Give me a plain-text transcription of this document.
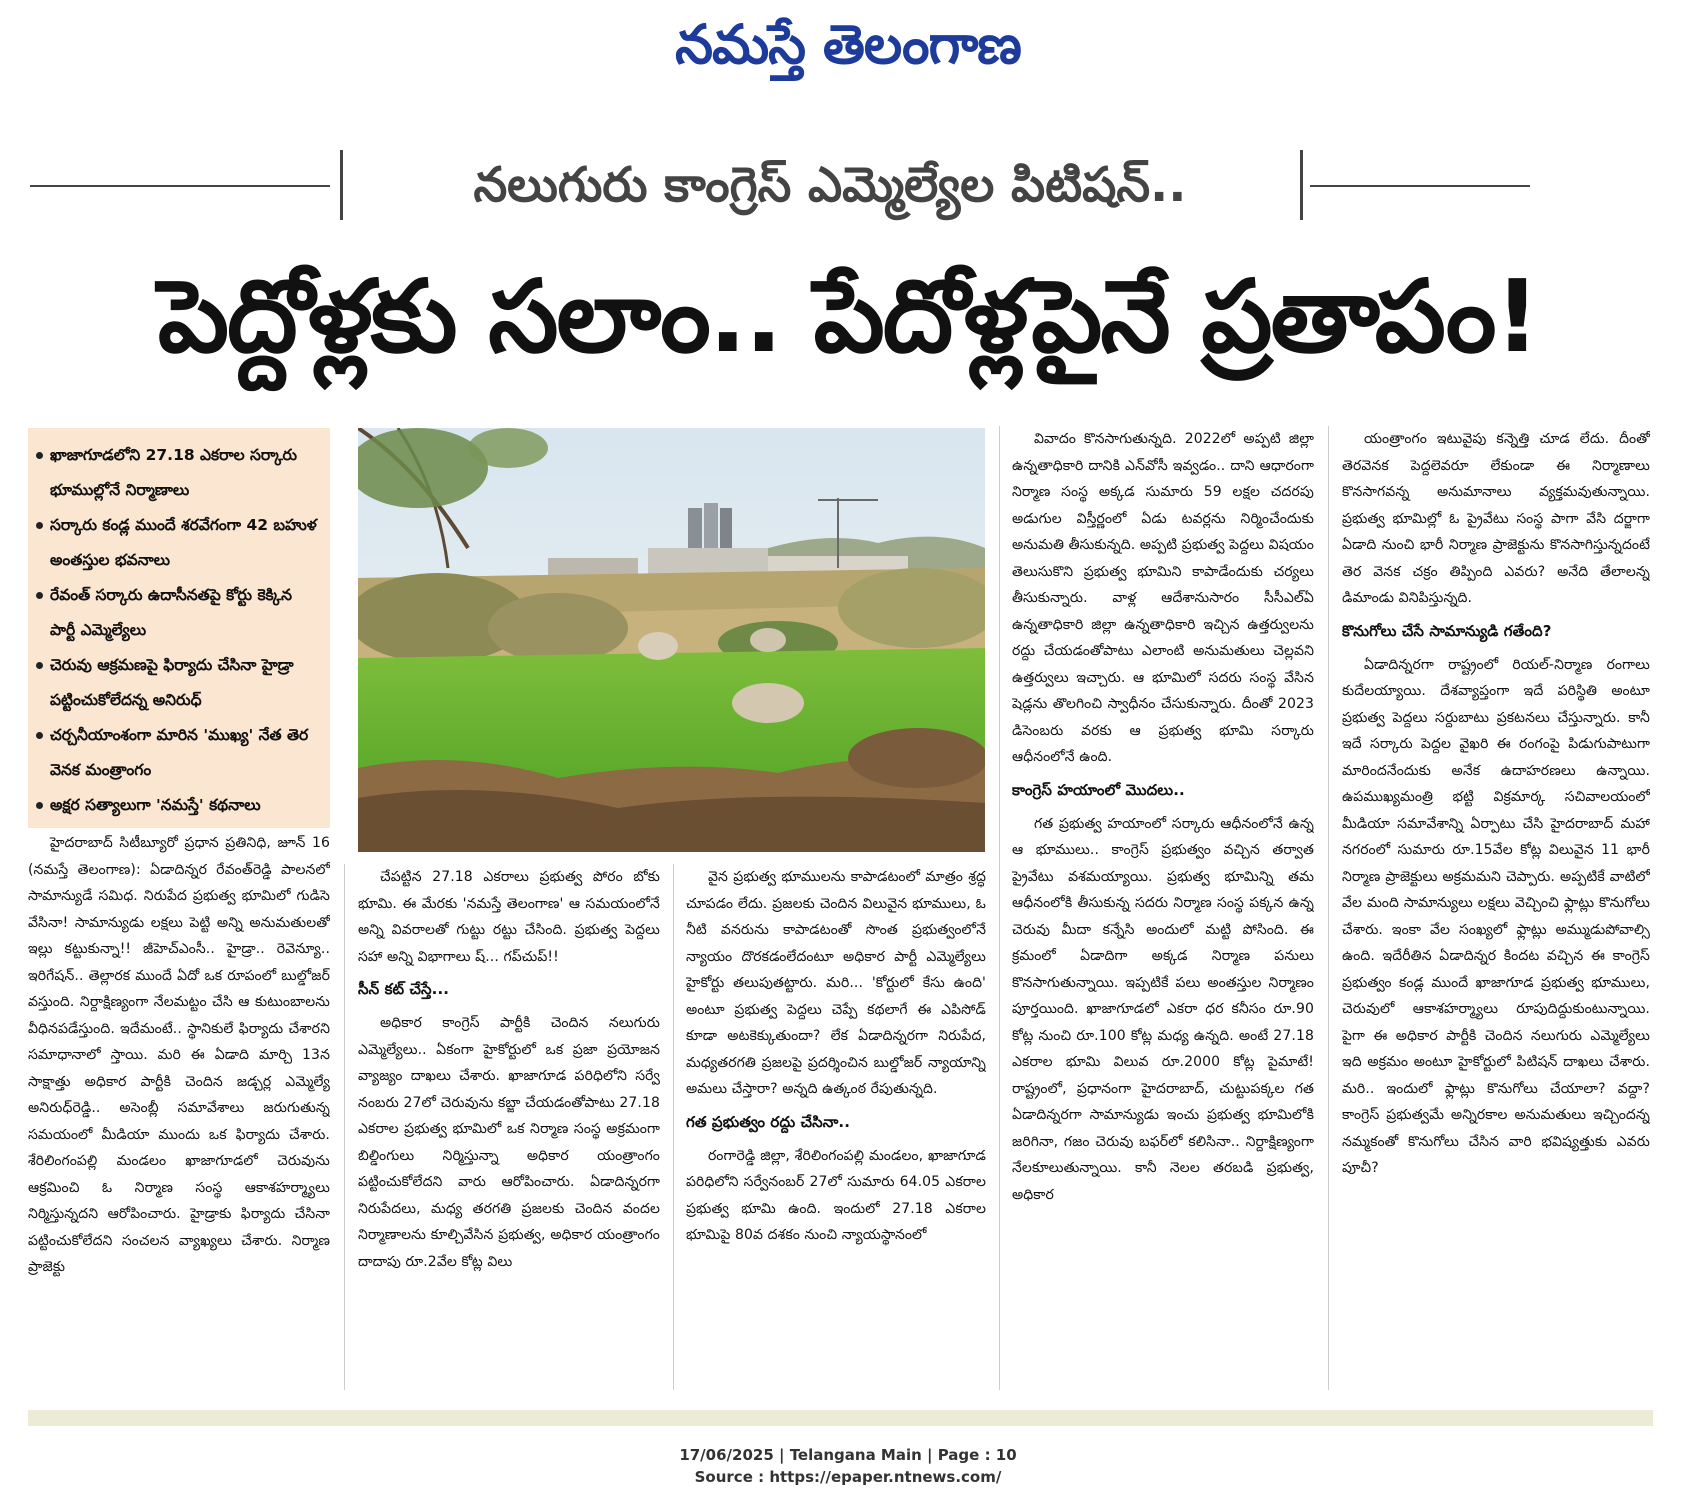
నమస్తే తెలంగాణ
నలుగురు కాంగ్రెస్ ఎమ్మెల్యేల పిటిషన్..
పెద్దోళ్లకు సలాం.. పేదోళ్లపైనే ప్రతాపం!
ఖాజాగూడలోని 27.18 ఎకరాల సర్కారు భూముల్లోనే నిర్మాణాలు
సర్కారు కండ్ల ముందే శరవేగంగా 42 బహుళ అంతస్తుల భవనాలు
రేవంత్ సర్కారు ఉదాసీనతపై కోర్టు కెక్కిన పార్టీ ఎమ్మెల్యేలు
చెరువు ఆక్రమణపై ఫిర్యాదు చేసినా హైడ్రా పట్టించుకోలేదన్న అనిరుధ్
చర్చనీయాంశంగా మారిన 'ముఖ్య' నేత తెర వెనక మంత్రాంగం
అక్షర సత్యాలుగా 'నమస్తే' కథనాలు

హైదరాబాద్ సిటీబ్యూరో ప్రధాన ప్రతినిధి, జూన్ 16 (నమస్తే తెలంగాణ): ఏడాదిన్నర రేవంత్‌రెడ్డి పాలనలో సామాన్యుడే సమిధ. నిరుపేద ప్రభుత్వ భూమిలో గుడిసె వేసినా! సామాన్యుడు లక్షలు పెట్టి అన్ని అనుమతులతో ఇల్లు కట్టుకున్నా!! జీహెచ్ఎంసీ.. హైడ్రా.. రెవెన్యూ.. ఇరిగేషన్.. తెల్లారక ముందే ఏదో ఒక రూపంలో బుల్డోజర్ వస్తుంది. నిర్దాక్షిణ్యంగా నేలమట్టం చేసి ఆ కుటుంబాలను వీధినపడేస్తుంది. ఇదేమంటే.. స్థానికులే ఫిర్యాదు చేశారని సమాధానాలో స్తాయి. మరి ఈ ఏడాది మార్చి 13న సాక్షాత్తు అధికార పార్టీకి చెందిన జడ్చర్ల ఎమ్మెల్యే అనిరుధ్‌రెడ్డి.. అసెంబ్లీ సమావేశాలు జరుగుతున్న సమయంలో మీడియా ముందు ఒక ఫిర్యాదు చేశారు. శేరిలింగంపల్లి మండలం ఖాజాగూడలో చెరువును ఆక్రమించి ఓ నిర్మాణ సంస్థ ఆకాశహర్మ్యాలు నిర్మిస్తున్నదని ఆరోపించారు. హైడ్రాకు ఫిర్యాదు చేసినా పట్టించుకోలేదని సంచలన వ్యాఖ్యలు చేశారు. నిర్మాణ ప్రాజెక్టు

చేపట్టిన 27.18 ఎకరాలు ప్రభుత్వ పోరం బోకు భూమి. ఈ మేరకు 'నమస్తే తెలంగాణ' ఆ సమయంలోనే అన్ని వివరాలతో గుట్టు రట్టు చేసింది. ప్రభుత్వ పెద్దలు సహా అన్ని విభాగాలు ష్... గప్‌చుప్!!

సీన్ కట్ చేస్తే...

అధికార కాంగ్రెస్ పార్టీకి చెందిన నలుగురు ఎమ్మెల్యేలు.. ఏకంగా హైకోర్టులో ఒక ప్రజా ప్రయోజన వ్యాజ్యం దాఖలు చేశారు. ఖాజాగూడ పరిధిలోని సర్వే నంబరు 27లో చెరువును కబ్జా చేయడంతోపాటు 27.18 ఎకరాల ప్రభుత్వ భూమిలో ఒక నిర్మాణ సంస్థ అక్రమంగా బిల్డింగులు నిర్మిస్తున్నా అధికార యంత్రాంగం పట్టించుకోలేదని వారు ఆరోపించారు. ఏడాదిన్నరగా నిరుపేదలు, మధ్య తరగతి ప్రజలకు చెందిన వందల నిర్మాణాలను కూల్చివేసిన ప్రభుత్వ, అధికార యంత్రాంగం దాదాపు రూ.2వేల కోట్ల విలు

వైన ప్రభుత్వ భూములను కాపాడటంలో మాత్రం శ్రద్ధ చూపడం లేదు. ప్రజలకు చెందిన విలువైన భూములు, ఓ నీటి వనరును కాపాడటంతో సొంత ప్రభుత్వంలోనే న్యాయం దొరకడంలేదంటూ అధికార పార్టీ ఎమ్మెల్యేలు హైకోర్టు తలుపుతట్టారు. మరి... 'కోర్టులో కేసు ఉంది' అంటూ ప్రభుత్వ పెద్దలు చెప్పే కథలాగే ఈ ఎపిసోడ్ కూడా అటకెక్కుతుందా? లేక ఏడాదిన్నరగా నిరుపేద, మధ్యతరగతి ప్రజలపై ప్రదర్శించిన బుల్డోజర్ న్యాయాన్ని అమలు చేస్తారా? అన్నది ఉత్కంఠ రేపుతున్నది.

గత ప్రభుత్వం రద్దు చేసినా..

రంగారెడ్డి జిల్లా, శేరిలింగంపల్లి మండలం, ఖాజాగూడ పరిధిలోని సర్వేనంబర్ 27లో సుమారు 64.05 ఎకరాల ప్రభుత్వ భూమి ఉంది. ఇందులో 27.18 ఎకరాల భూమిపై 80వ దశకం నుంచి న్యాయస్థానంలో

వివాదం కొనసాగుతున్నది. 2022లో అప్పటి జిల్లా ఉన్నతాధికారి దానికి ఎన్‌వోసీ ఇవ్వడం.. దాని ఆధారంగా నిర్మాణ సంస్థ అక్కడ సుమారు 59 లక్షల చదరపు అడుగుల విస్తీర్ణంలో ఏడు టవర్లను నిర్మించేందుకు అనుమతి తీసుకున్నది. అప్పటి ప్రభుత్వ పెద్దలు విషయం తెలుసుకొని ప్రభుత్వ భూమిని కాపాడేందుకు చర్యలు తీసుకున్నారు. వాళ్ల ఆదేశానుసారం సీసీఎల్ఏ ఉన్నతాధికారి జిల్లా ఉన్నతాధికారి ఇచ్చిన ఉత్తర్వులను రద్దు చేయడంతోపాటు ఎలాంటి అనుమతులు చెల్లవని ఉత్తర్వులు ఇచ్చారు. ఆ భూమిలో సదరు సంస్థ వేసిన షెడ్లను తొలగించి స్వాధీనం చేసుకున్నారు. దీంతో 2023 డిసెంబరు వరకు ఆ ప్రభుత్వ భూమి సర్కారు ఆధీనంలోనే ఉంది.

కాంగ్రెస్ హయాంలో మొదలు..

గత ప్రభుత్వ హయాంలో సర్కారు ఆధీనంలోనే ఉన్న ఆ భూములు.. కాంగ్రెస్ ప్రభుత్వం వచ్చిన తర్వాత ప్రైవేటు వశమయ్యాయి. ప్రభుత్వ భూమిన్ని తమ ఆధీనంలోకి తీసుకున్న సదరు నిర్మాణ సంస్థ పక్కన ఉన్న చెరువు మీదా కన్నేసి అందులో మట్టి పోసింది. ఈ క్రమంలో ఏడాదిగా అక్కడ నిర్మాణ పనులు కొనసాగుతున్నాయి. ఇప్పటికే పలు అంతస్తుల నిర్మాణం పూర్తయింది. ఖాజాగూడలో ఎకరా ధర కనీసం రూ.90 కోట్ల నుంచి రూ.100 కోట్ల మధ్య ఉన్నది. అంటే 27.18 ఎకరాల భూమి విలువ రూ.2000 కోట్ల పైమాటే! రాష్ట్రంలో, ప్రధానంగా హైదరాబాద్, చుట్టుపక్కల గత ఏడాదిన్నరగా సామాన్యుడు ఇంచు ప్రభుత్వ భూమిలోకి జరిగినా, గజం చెరువు బఫర్‌లో కలిసినా.. నిర్దాక్షిణ్యంగా నేలకూలుతున్నాయి. కానీ నెలల తరబడి ప్రభుత్వ, అధికార

యంత్రాంగం ఇటువైపు కన్నెత్తి చూడ లేదు. దీంతో తెరవెనక పెద్దలెవరూ లేకుండా ఈ నిర్మాణాలు కొనసాగవన్న అనుమానాలు వ్యక్తమవుతున్నాయి. ప్రభుత్వ భూమిల్లో ఓ ప్రైవేటు సంస్థ పాగా వేసి దర్జాగా ఏడాది నుంచి భారీ నిర్మాణ ప్రాజెక్టును కొనసాగిస్తున్నదంటే తెర వెనక చక్రం తిప్పింది ఎవరు? అనేది తేలాలన్న డిమాండు వినిపిస్తున్నది.

కొనుగోలు చేసే సామాన్యుడి గతేంది?

ఏడాదిన్నరగా రాష్ట్రంలో రియల్-నిర్మాణ రంగాలు కుదేలయ్యాయి. దేశవ్యాప్తంగా ఇదే పరిస్థితి అంటూ ప్రభుత్వ పెద్దలు సర్దుబాటు ప్రకటనలు చేస్తున్నారు. కానీ ఇదే సర్కారు పెద్దల వైఖరి ఈ రంగంపై పిడుగుపాటుగా మారిందనేందుకు అనేక ఉదాహరణలు ఉన్నాయి. ఉపముఖ్యమంత్రి భట్టి విక్రమార్క సచివాలయంలో మీడియా సమావేశాన్ని ఏర్పాటు చేసి హైదరాబాద్ మహా నగరంలో సుమారు రూ.15వేల కోట్ల విలువైన 11 భారీ నిర్మాణ ప్రాజెక్టులు అక్రమమని చెప్పారు. అప్పటికే వాటిలో వేల మంది సామాన్యులు లక్షలు వెచ్చించి ఫ్లాట్లు కొనుగోలు చేశారు. ఇంకా వేల సంఖ్యలో ఫ్లాట్లు అమ్ముడుపోవాల్సి ఉంది. ఇదేరీతిన ఏడాదిన్నర కిందట వచ్చిన ఈ కాంగ్రెస్ ప్రభుత్వం కండ్ల ముందే ఖాజాగూడ ప్రభుత్వ భూములు, చెరువులో ఆకాశహర్మ్యాలు రూపుదిద్దుకుంటున్నాయి. పైగా ఈ అధికార పార్టీకి చెందిన నలుగురు ఎమ్మెల్యేలు ఇది అక్రమం అంటూ హైకోర్టులో పిటిషన్ దాఖలు చేశారు. మరి.. ఇందులో ఫ్లాట్లు కొనుగోలు చేయాలా? వద్దా? కాంగ్రెస్ ప్రభుత్వమే అన్నిరకాల అనుమతులు ఇచ్చిందన్న నమ్మకంతో కొనుగోలు చేసిన వారి భవిష్యత్తుకు ఎవరు పూచీ?

17/06/2025 | Telangana Main | Page : 10
Source : https://epaper.ntnews.com/
